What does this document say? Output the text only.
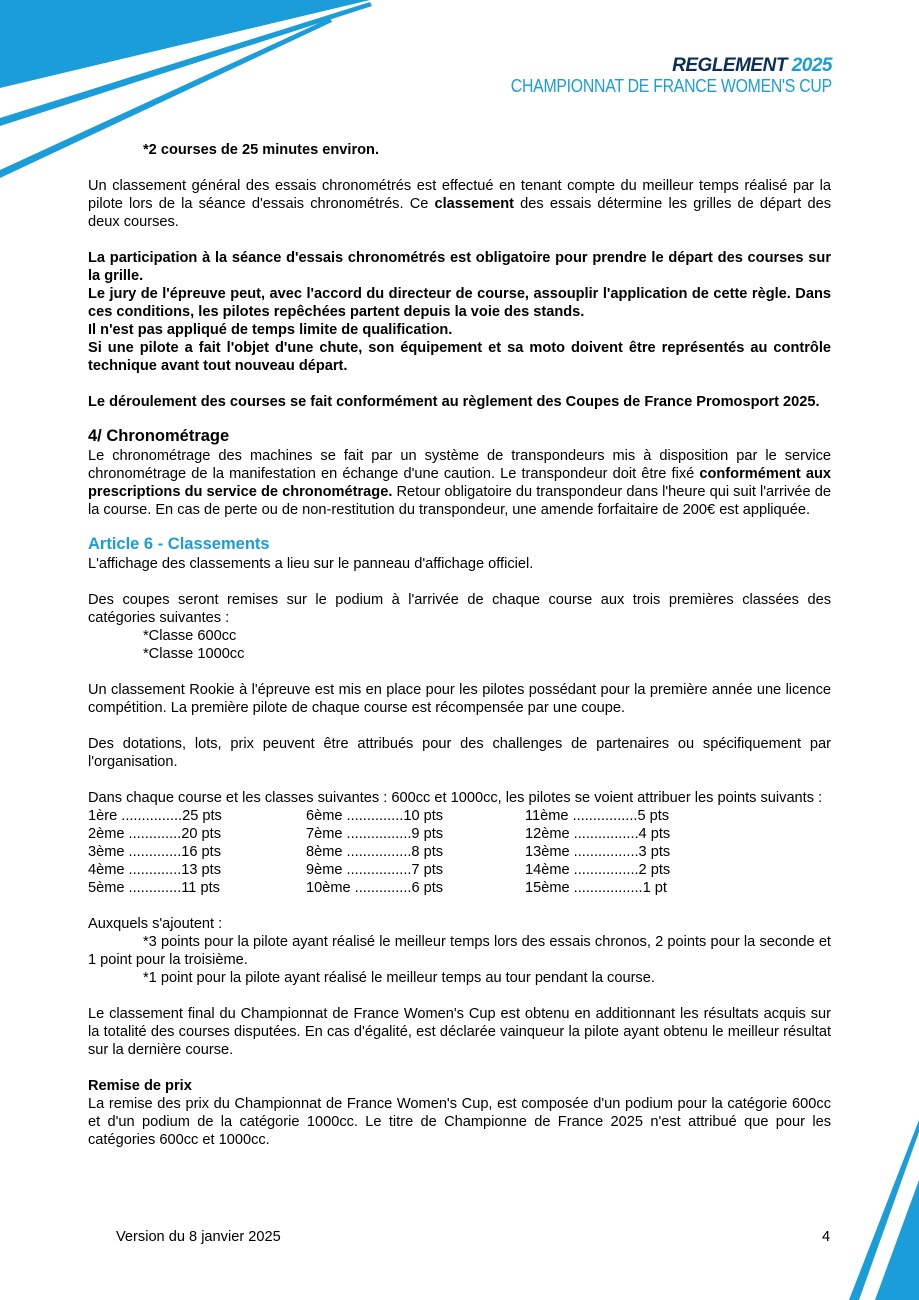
REGLEMENT 2025
CHAMPIONNAT DE FRANCE WOMEN'S CUP

*2 courses de 25 minutes environ.

Un classement général des essais chronométrés est effectué en tenant compte du meilleur temps réalisé par la pilote lors de la séance d'essais chronométrés. Ce classement des essais détermine les grilles de départ des deux courses.

La participation à la séance d'essais chronométrés est obligatoire pour prendre le départ des courses sur la grille.

Le jury de l'épreuve peut, avec l'accord du directeur de course, assouplir l'application de cette règle. Dans ces conditions, les pilotes repêchées partent depuis la voie des stands.

Il n'est pas appliqué de temps limite de qualification.

Si une pilote a fait l'objet d'une chute, son équipement et sa moto doivent être représentés au contrôle technique avant tout nouveau départ.

Le déroulement des courses se fait conformément au règlement des Coupes de France Promosport 2025.

4/ Chronométrage

Le chronométrage des machines se fait par un système de transpondeurs mis à disposition par le service chronométrage de la manifestation en échange d'une caution. Le transpondeur doit être fixé conformément aux prescriptions du service de chronométrage. Retour obligatoire du transpondeur dans l'heure qui suit l'arrivée de la course. En cas de perte ou de non-restitution du transpondeur, une amende forfaitaire de 200€ est appliquée.

Article 6 - Classements

L'affichage des classements a lieu sur le panneau d'affichage officiel.

Des coupes seront remises sur le podium à l'arrivée de chaque course aux trois premières classées des catégories suivantes :

*Classe 600cc

*Classe 1000cc

Un classement Rookie à l'épreuve est mis en place pour les pilotes possédant pour la première année une licence compétition. La première pilote de chaque course est récompensée par une coupe.

Des dotations, lots, prix peuvent être attribués pour des challenges de partenaires ou spécifiquement par l'organisation.

Dans chaque course et les classes suivantes : 600cc et 1000cc, les pilotes se voient attribuer les points suivants :

1ère ...............25 pts	6ème ..............10 pts	11ème ................5 pts
2ème .............20 pts	7ème ................9 pts	12ème ................4 pts
3ème .............16 pts	8ème ................8 pts	13ème ................3 pts
4ème .............13 pts	9ème ................7 pts	14ème ................2 pts
5ème .............11 pts	10ème ..............6 pts	15ème .................1 pt

Auxquels s'ajoutent :

*3 points pour la pilote ayant réalisé le meilleur temps lors des essais chronos, 2 points pour la seconde et 1 point pour la troisième.

*1 point pour la pilote ayant réalisé le meilleur temps au tour pendant la course.

Le classement final du Championnat de France Women's Cup est obtenu en additionnant les résultats acquis sur la totalité des courses disputées. En cas d'égalité, est déclarée vainqueur la pilote ayant obtenu le meilleur résultat sur la dernière course.

Remise de prix

La remise des prix du Championnat de France Women's Cup, est composée d'un podium pour la catégorie 600cc et d'un podium de la catégorie 1000cc. Le titre de Championne de France 2025 n'est attribué que pour les catégories 600cc et 1000cc.

Version du 8 janvier 2025	4
